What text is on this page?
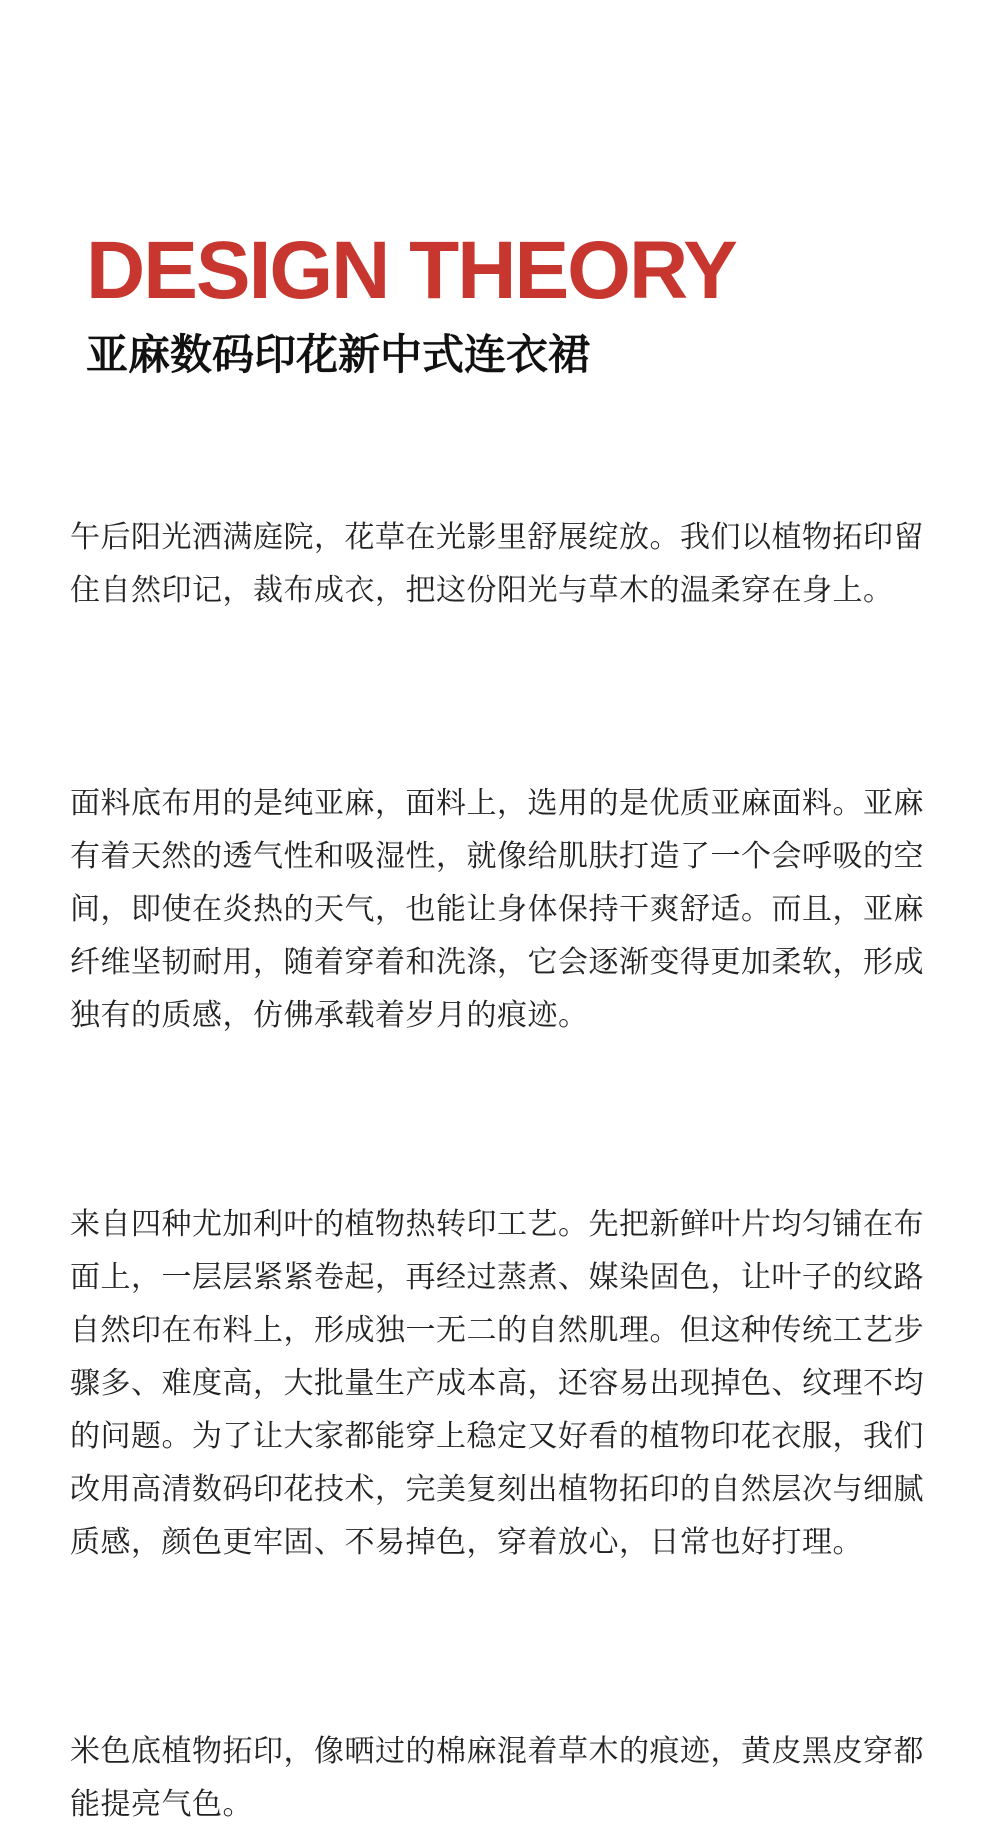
DESIGN THEORY
亚麻数码印花新中式连衣裙

午后阳光洒满庭院，花草在光影里舒展绽放。我们以植物拓印留住自然印记，裁布成衣，把这份阳光与草木的温柔穿在身上。

面料底布用的是纯亚麻，面料上，选用的是优质亚麻面料。亚麻有着天然的透气性和吸湿性，就像给肌肤打造了一个会呼吸的空间，即使在炎热的天气，也能让身体保持干爽舒适。而且，亚麻纤维坚韧耐用，随着穿着和洗涤，它会逐渐变得更加柔软，形成独有的质感，仿佛承载着岁月的痕迹。

来自四种尤加利叶的植物热转印工艺。先把新鲜叶片均匀铺在布面上，一层层紧紧卷起，再经过蒸煮、媒染固色，让叶子的纹路自然印在布料上，形成独一无二的自然肌理。但这种传统工艺步骤多、难度高，大批量生产成本高，还容易出现掉色、纹理不均的问题。为了让大家都能穿上稳定又好看的植物印花衣服，我们改用高清数码印花技术，完美复刻出植物拓印的自然层次与细腻质感，颜色更牢固、不易掉色，穿着放心，日常也好打理。

米色底植物拓印，像晒过的棉麻混着草木的痕迹，黄皮黑皮穿都能提亮气色。
